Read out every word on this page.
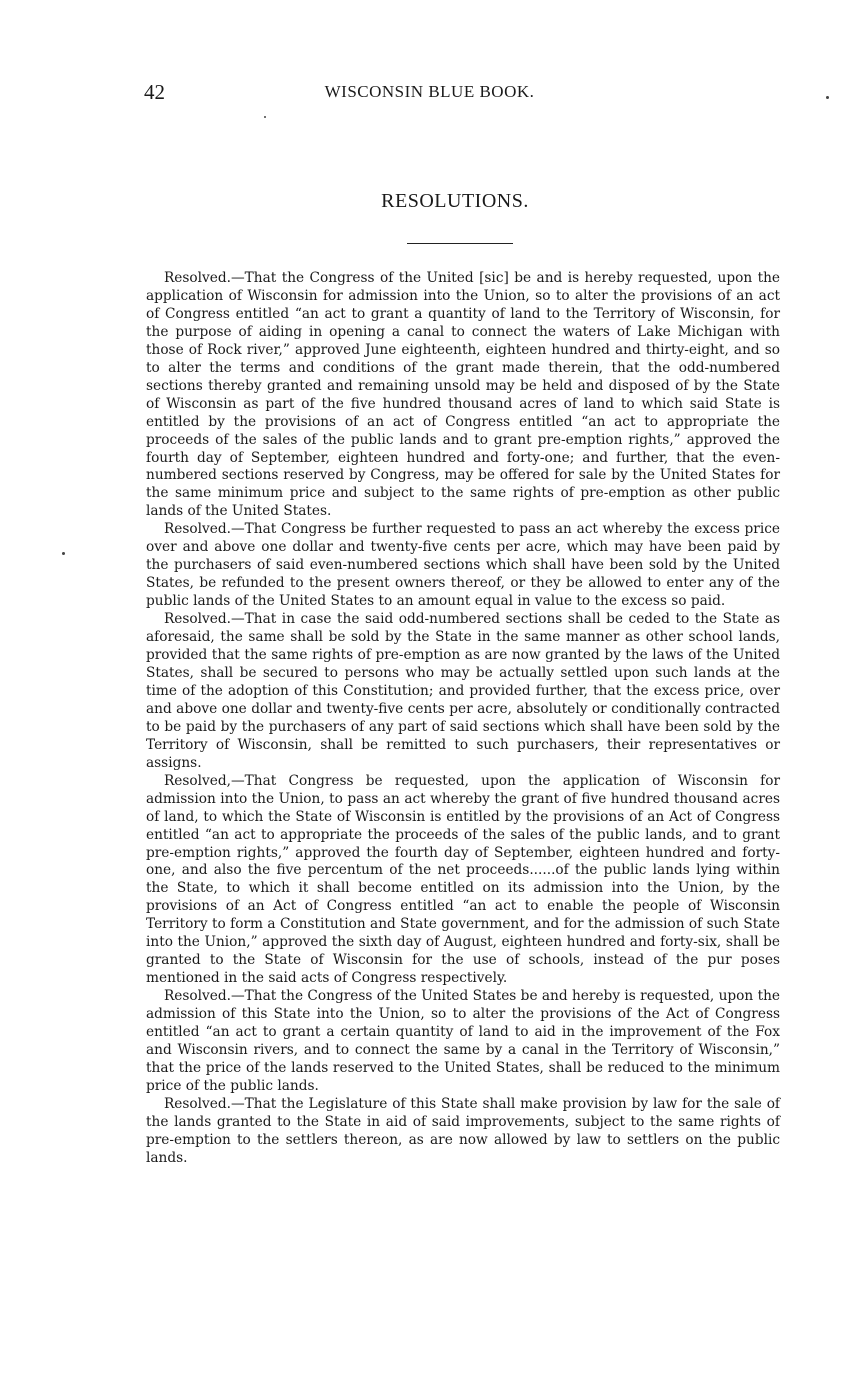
42	WISCONSIN BLUE BOOK.
RESOLUTIONS.

Resolved.—That the Congress of the United [sic] be and is hereby requested, upon the application of Wisconsin for admission into the Union, so to alter the provisions of an act of Congress entitled “an act to grant a quantity of land to the Territory of Wisconsin, for the purpose of aiding in opening a canal to connect the waters of Lake Michigan with those of Rock river,” approved June eighteenth, eighteen hundred and thirty-eight, and so to alter the terms and conditions of the grant made therein, that the odd-numbered sections thereby granted and remaining unsold may be held and disposed of by the State of Wisconsin as part of the five hundred thousand acres of land to which said State is entitled by the provisions of an act of Congress entitled “an act to appropriate the proceeds of the sales of the public lands and to grant pre-emption rights,” approved the fourth day of September, eighteen hundred and forty-one; and further, that the even-numbered sections reserved by Congress, may be offered for sale by the United States for the same minimum price and subject to the same rights of pre-emption as other public lands of the United States.

Resolved.—That Congress be further requested to pass an act whereby the excess price over and above one dollar and twenty-five cents per acre, which may have been paid by the purchasers of said even-numbered sections which shall have been sold by the United States, be refunded to the present owners thereof, or they be allowed to enter any of the public lands of the United States to an amount equal in value to the excess so paid.

Resolved.—That in case the said odd-numbered sections shall be ceded to the State as aforesaid, the same shall be sold by the State in the same manner as other school lands, provided that the same rights of pre-emption as are now granted by the laws of the United States, shall be secured to persons who may be actually settled upon such lands at the time of the adoption of this Constitution; and provided further, that the excess price, over and above one dollar and twenty-five cents per acre, absolutely or conditionally contracted to be paid by the purchasers of any part of said sections which shall have been sold by the Territory of Wisconsin, shall be remitted to such purchasers, their representatives or assigns.

Resolved,—That Congress be requested, upon the application of Wisconsin for admission into the Union, to pass an act whereby the grant of five hundred thousand acres of land, to which the State of Wisconsin is entitled by the provisions of an Act of Congress entitled “an act to appropriate the proceeds of the sales of the public lands, and to grant pre-emption rights,” approved the fourth day of September, eighteen hundred and forty-one, and also the five percentum of the net proceeds......of the public lands lying within the State, to which it shall become entitled on its admission into the Union, by the provisions of an Act of Congress entitled “an act to enable the people of Wisconsin Territory to form a Constitution and State government, and for the admission of such State into the Union,” approved the sixth day of August, eighteen hundred and forty-six, shall be granted to the State of Wisconsin for the use of schools, instead of the pur poses mentioned in the said acts of Congress respectively.

Resolved.—That the Congress of the United States be and hereby is requested, upon the admission of this State into the Union, so to alter the provisions of the Act of Congress entitled “an act to grant a certain quantity of land to aid in the improvement of the Fox and Wisconsin rivers, and to connect the same by a canal in the Territory of Wisconsin,” that the price of the lands reserved to the United States, shall be reduced to the minimum price of the public lands.

Resolved.—That the Legislature of this State shall make provision by law for the sale of the lands granted to the State in aid of said improvements, subject to the same rights of pre-emption to the settlers thereon, as are now allowed by law to settlers on the public lands.
